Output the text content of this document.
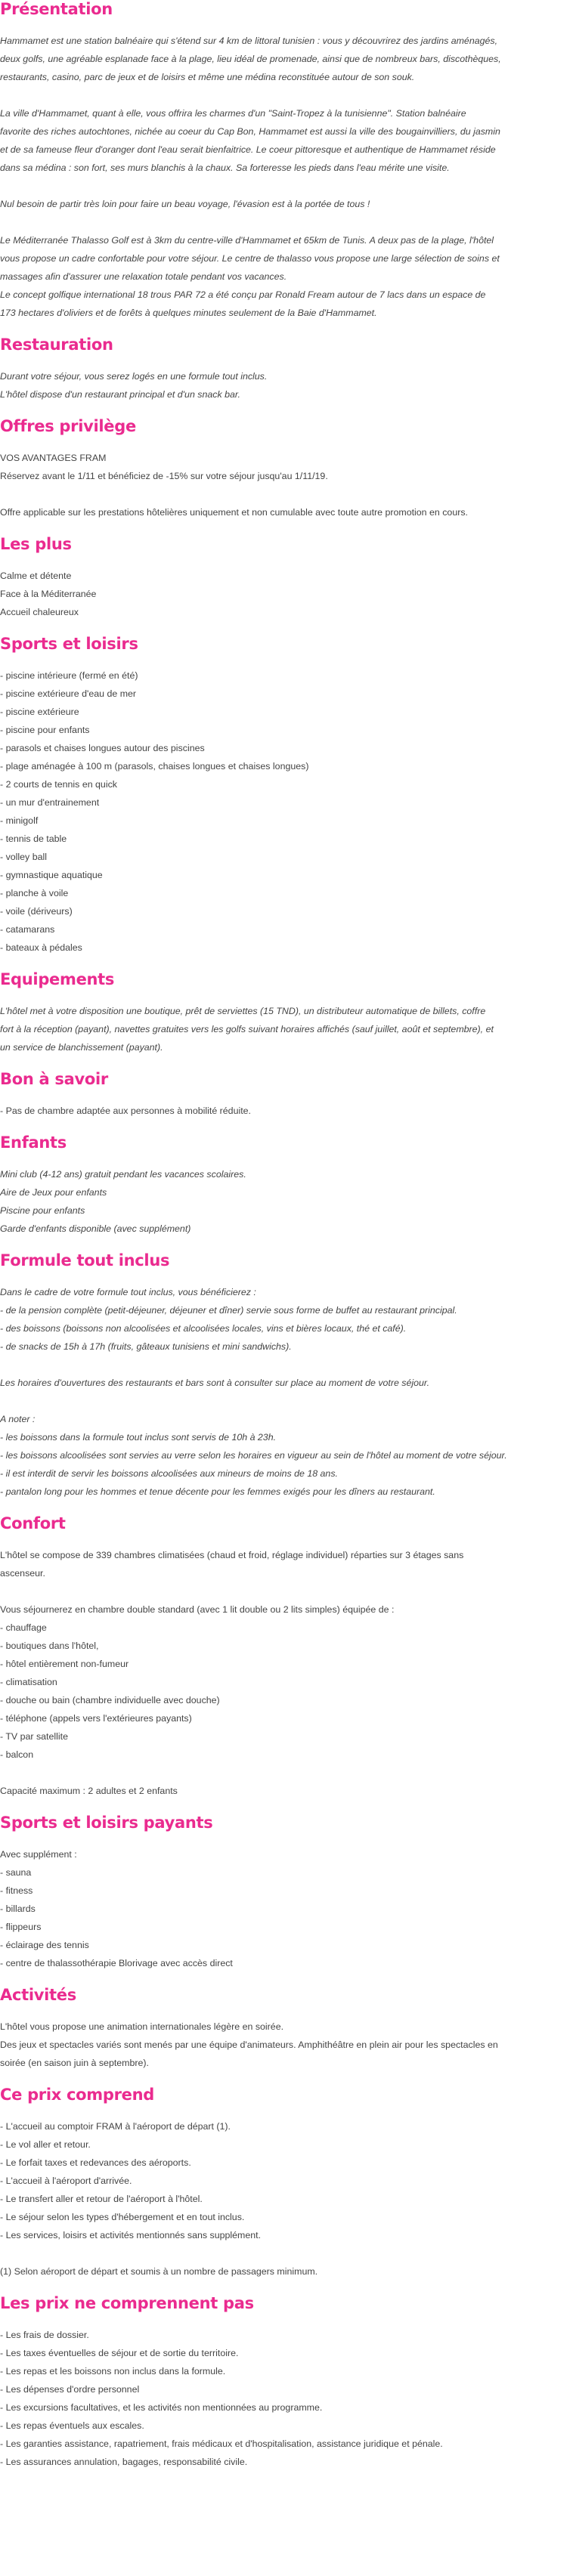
Présentation
Hammamet est une station balnéaire qui s'étend sur 4 km de littoral tunisien : vous y découvrirez des jardins aménagés,
deux golfs, une agréable esplanade face à la plage, lieu idéal de promenade, ainsi que de nombreux bars, discothèques,
restaurants, casino, parc de jeux et de loisirs et même une médina reconstituée autour de son souk.
La ville d'Hammamet, quant à elle, vous offrira les charmes d'un "Saint-Tropez à la tunisienne". Station balnéaire
favorite des riches autochtones, nichée au coeur du Cap Bon, Hammamet est aussi la ville des bougainvilliers, du jasmin
et de sa fameuse fleur d'oranger dont l'eau serait bienfaitrice. Le coeur pittoresque et authentique de Hammamet réside
dans sa médina : son fort, ses murs blanchis à la chaux. Sa forteresse les pieds dans l'eau mérite une visite.
Nul besoin de partir très loin pour faire un beau voyage, l'évasion est à la portée de tous !
Le Méditerranée Thalasso Golf est à 3km du centre-ville d'Hammamet et 65km de Tunis. A deux pas de la plage, l'hôtel
vous propose un cadre confortable pour votre séjour. Le centre de thalasso vous propose une large sélection de soins et
massages afin d'assurer une relaxation totale pendant vos vacances.
Le concept golfique international 18 trous PAR 72 a été conçu par Ronald Fream autour de 7 lacs dans un espace de
173 hectares d'oliviers et de forêts à quelques minutes seulement de la Baie d'Hammamet.
Restauration
Durant votre séjour, vous serez logés en une formule tout inclus.
L'hôtel dispose d'un restaurant principal et d'un snack bar.
Offres privilège
VOS AVANTAGES FRAM
Réservez avant le 1/11 et bénéficiez de -15% sur votre séjour jusqu'au 1/11/19.
Offre applicable sur les prestations hôtelières uniquement et non cumulable avec toute autre promotion en cours.
Les plus
Calme et détente
Face à la Méditerranée
Accueil chaleureux
Sports et loisirs
- piscine intérieure (fermé en été)
- piscine extérieure d'eau de mer
- piscine extérieure
- piscine pour enfants
- parasols et chaises longues autour des piscines
- plage aménagée à 100 m (parasols, chaises longues et chaises longues)
- 2 courts de tennis en quick
- un mur d'entrainement
- minigolf
- tennis de table
- volley ball
- gymnastique aquatique
- planche à voile
- voile (dériveurs)
- catamarans
- bateaux à pédales
Equipements
L'hôtel met à votre disposition une boutique, prêt de serviettes (15 TND), un distributeur automatique de billets, coffre
fort à la réception (payant), navettes gratuites vers les golfs suivant horaires affichés (sauf juillet, août et septembre), et
un service de blanchissement (payant).
Bon à savoir
- Pas de chambre adaptée aux personnes à mobilité réduite.
Enfants
Mini club (4-12 ans) gratuit pendant les vacances scolaires.
Aire de Jeux pour enfants
Piscine pour enfants
Garde d'enfants disponible (avec supplément)
Formule tout inclus
Dans le cadre de votre formule tout inclus, vous bénéficierez :
- de la pension complète (petit-déjeuner, déjeuner et dîner) servie sous forme de buffet au restaurant principal.
- des boissons (boissons non alcoolisées et alcoolisées locales, vins et bières locaux, thé et café).
- de snacks de 15h à 17h (fruits, gâteaux tunisiens et mini sandwichs).
Les horaires d'ouvertures des restaurants et bars sont à consulter sur place au moment de votre séjour.
A noter :
- les boissons dans la formule tout inclus sont servis de 10h à 23h.
- les boissons alcoolisées sont servies au verre selon les horaires en vigueur au sein de l'hôtel au moment de votre séjour.
- il est interdit de servir les boissons alcoolisées aux mineurs de moins de 18 ans.
- pantalon long pour les hommes et tenue décente pour les femmes exigés pour les dîners au restaurant.
Confort
L'hôtel se compose de 339 chambres climatisées (chaud et froid, réglage individuel) réparties sur 3 étages sans
ascenseur.
Vous séjournerez en chambre double standard (avec 1 lit double ou 2 lits simples) équipée de :
- chauffage
- boutiques dans l'hôtel,
- hôtel entièrement non-fumeur
- climatisation
- douche ou bain (chambre individuelle avec douche)
- téléphone (appels vers l'extérieures payants)
- TV par satellite
- balcon
Capacité maximum : 2 adultes et 2 enfants
Sports et loisirs payants
Avec supplément :
- sauna
- fitness
- billards
- flippeurs
- éclairage des tennis
- centre de thalassothérapie Blorivage avec accès direct
Activités
L'hôtel vous propose une animation internationales légère en soirée.
Des jeux et spectacles variés sont menés par une équipe d'animateurs. Amphithéâtre en plein air pour les spectacles en
soirée (en saison juin à septembre).
Ce prix comprend
- L'accueil au comptoir FRAM à l'aéroport de départ (1).
- Le vol aller et retour.
- Le forfait taxes et redevances des aéroports.
- L'accueil à l'aéroport d'arrivée.
- Le transfert aller et retour de l'aéroport à l'hôtel.
- Le séjour selon les types d'hébergement et en tout inclus.
- Les services, loisirs et activités mentionnés sans supplément.
(1) Selon aéroport de départ et soumis à un nombre de passagers minimum.
Les prix ne comprennent pas
- Les frais de dossier.
- Les taxes éventuelles de séjour et de sortie du territoire.
- Les repas et les boissons non inclus dans la formule.
- Les dépenses d'ordre personnel
- Les excursions facultatives, et les activités non mentionnées au programme.
- Les repas éventuels aux escales.
- Les garanties assistance, rapatriement, frais médicaux et d'hospitalisation, assistance juridique et pénale.
- Les assurances annulation, bagages, responsabilité civile.
